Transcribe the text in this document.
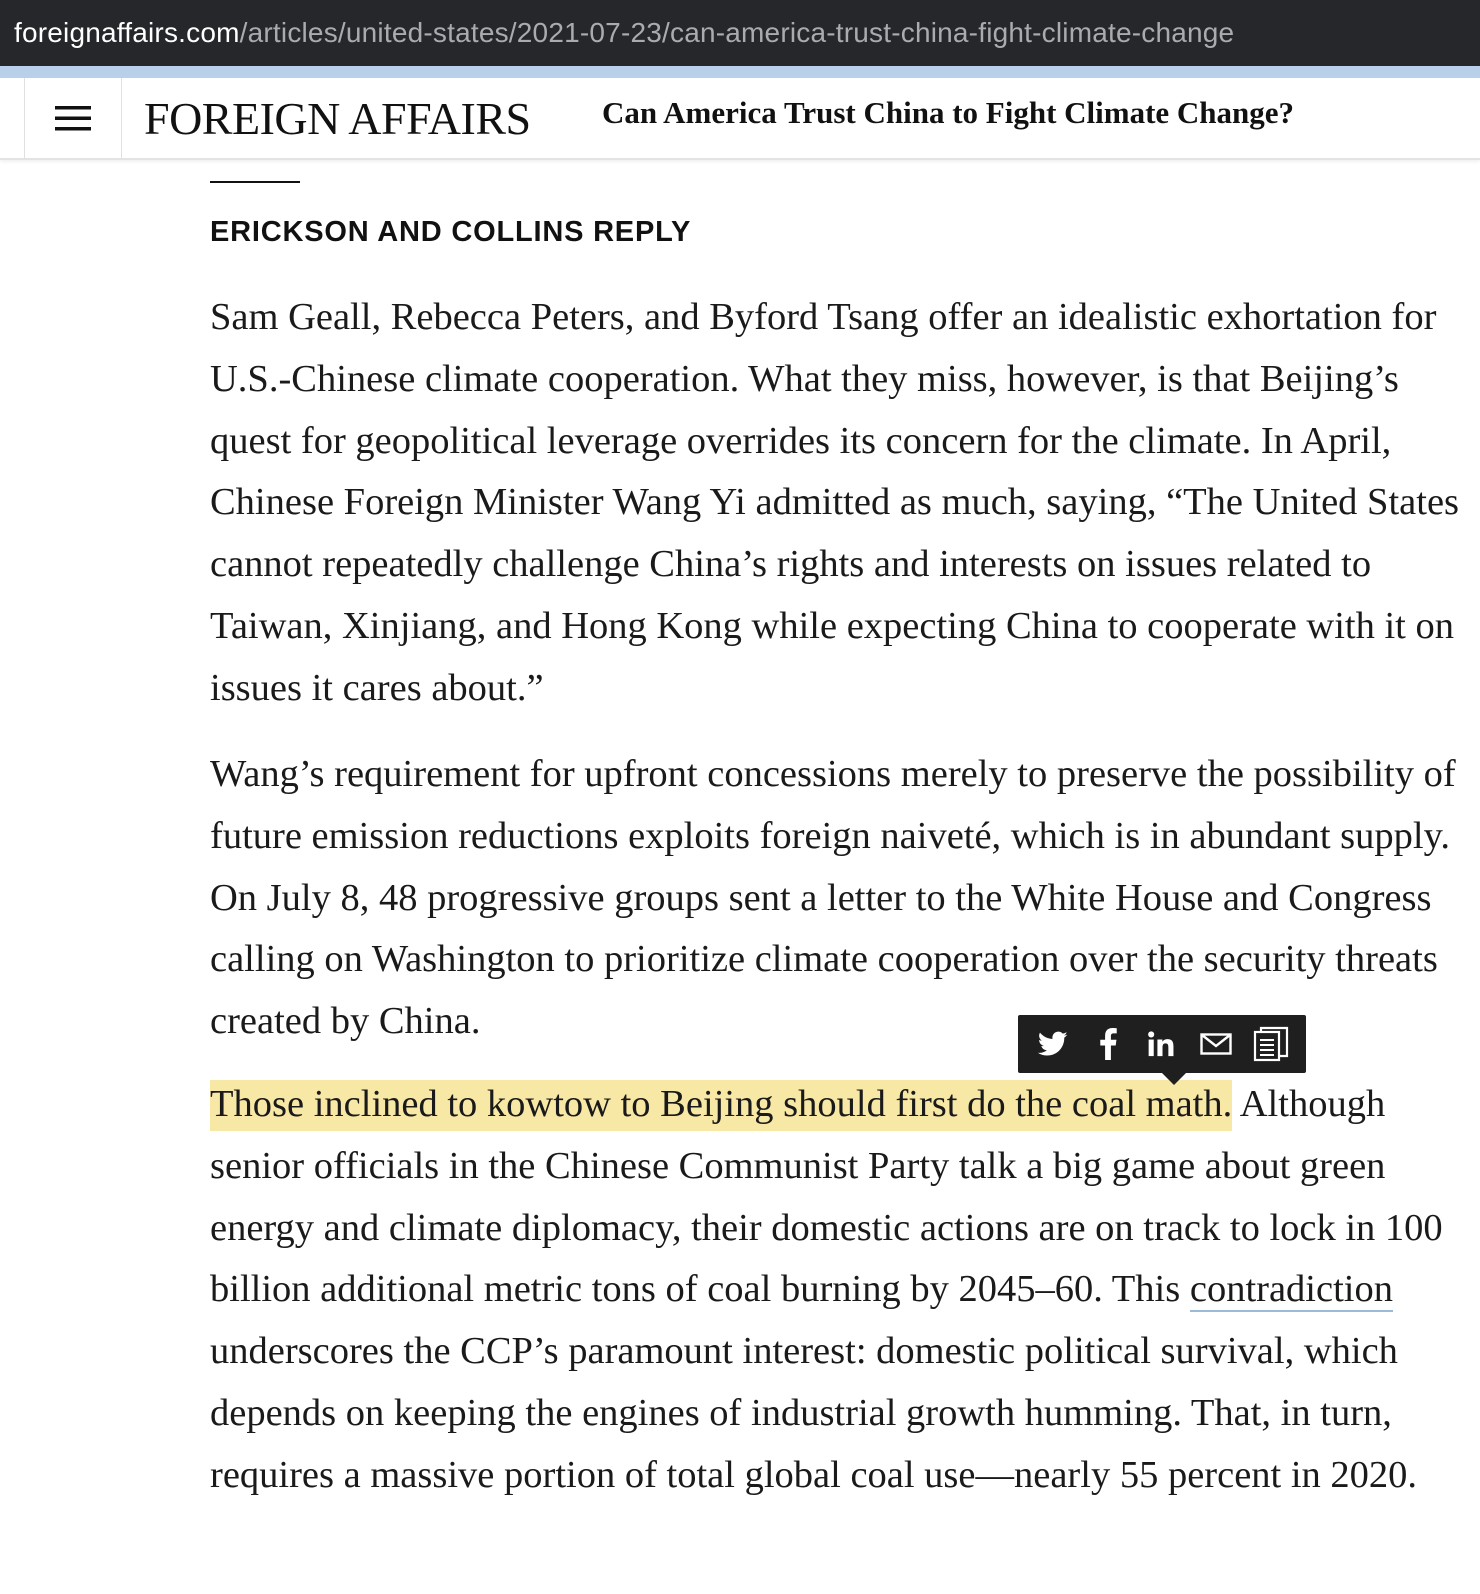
foreignaffairs.com /articles/united-states/2021-07-23/can-america-trust-china-fight-climate-change
FOREIGN AFFAIRS Can America Trust China to Fight Climate Change?
ERICKSON AND COLLINS REPLY

Sam Geall, Rebecca Peters, and Byford Tsang offer an idealistic exhortation for U.S.-Chinese climate cooperation. What they miss, however, is that Beijing’s quest for geopolitical leverage overrides its concern for the climate. In April, Chinese Foreign Minister Wang Yi admitted as much, saying, “The United States cannot repeatedly challenge China’s rights and interests on issues related to Taiwan, Xinjiang, and Hong Kong while expecting China to cooperate with it on issues it cares about.”

Wang’s requirement for upfront concessions merely to preserve the possibility of future emission reductions exploits foreign naiveté, which is in abundant supply. On July 8, 48 progressive groups sent a letter to the White House and Congress calling on Washington to prioritize climate cooperation over the security threats created by China.

Those inclined to kowtow to Beijing should first do the coal math. Although senior officials in the Chinese Communist Party talk a big game about green energy and climate diplomacy, their domestic actions are on track to lock in 100 billion additional metric tons of coal burning by 2045–60. This contradiction underscores the CCP’s paramount interest: domestic political survival, which depends on keeping the engines of industrial growth humming. That, in turn, requires a massive portion of total global coal use—nearly 55 percent in 2020.
